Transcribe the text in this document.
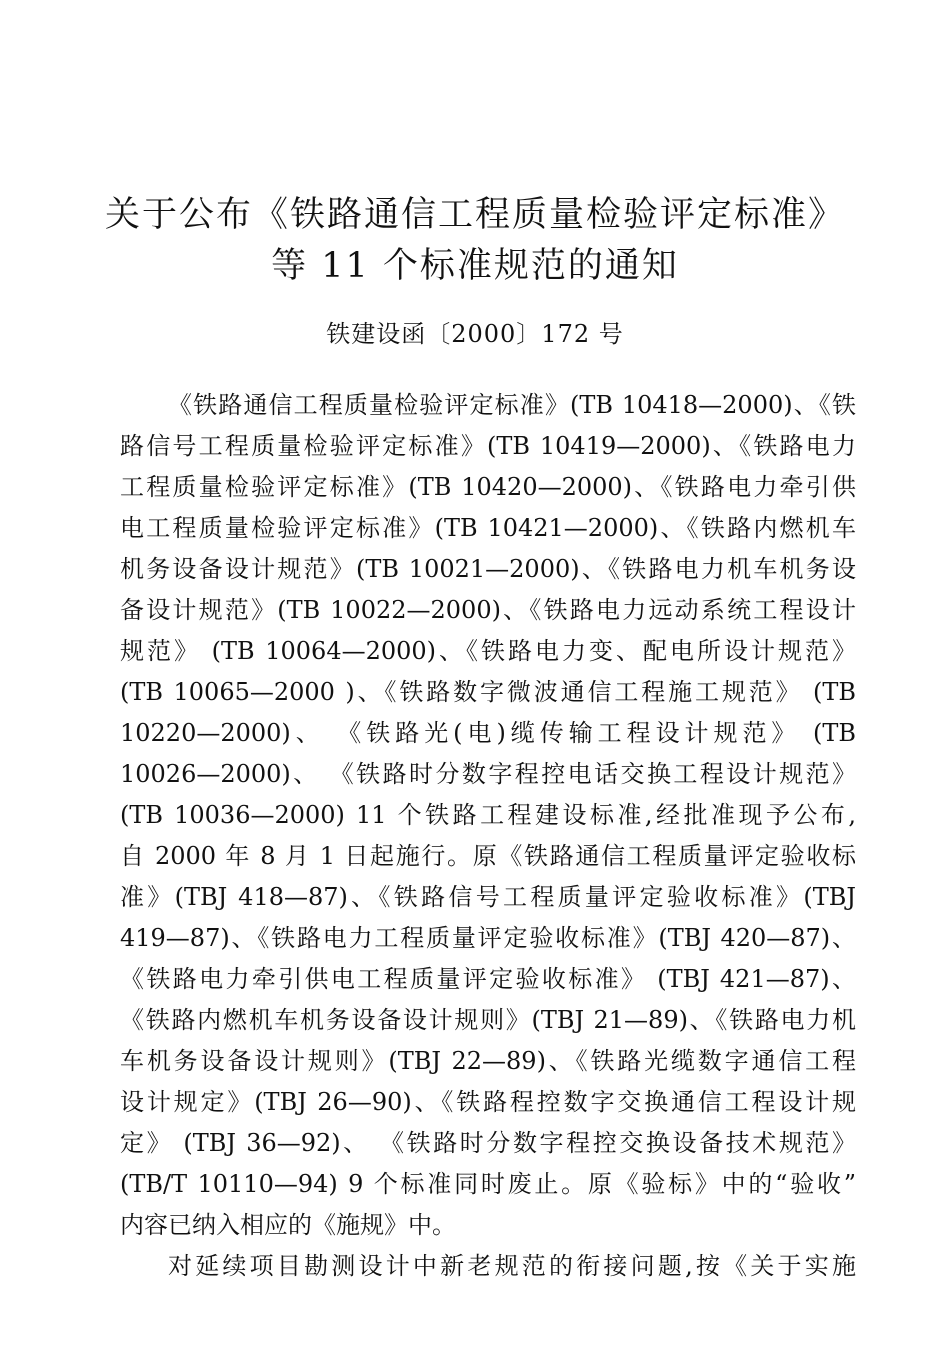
关于公布《铁路通信工程质量检验评定标准》
等 11 个标准规范的通知
铁建设函〔2000〕172 号
《铁路通信工程质量检验评定标准》(TB 10418—2000)、《铁
路信号工程质量检验评定标准》(TB 10419—2000)、《铁路电力
工程质量检验评定标准》(TB 10420—2000)、《铁路电力牵引供
电工程质量检验评定标准》(TB 10421—2000)、《铁路内燃机车
机务设备设计规范》(TB 10021—2000)、《铁路电力机车机务设
备设计规范》(TB 10022—2000)、《铁路电力远动系统工程设计
规范》 (TB 10064—2000)、《铁路电力变、配电所设计规范》
(TB 10065—2000 )、《铁路数字微波通信工程施工规范》 (TB
10220—2000)、 《铁路光(电)缆传输工程设计规范》 (TB
10026—2000)、 《铁路时分数字程控电话交换工程设计规范》
(TB 10036—2000) 11 个铁路工程建设标准,经批准现予公布,
自 2000 年 8 月 1 日起施行。原《铁路通信工程质量评定验收标
准》(TBJ 418—87)、《铁路信号工程质量评定验收标准》(TBJ
419—87)、《铁路电力工程质量评定验收标准》(TBJ 420—87)、
《铁路电力牵引供电工程质量评定验收标准》 (TBJ 421—87)、
《铁路内燃机车机务设备设计规则》(TBJ 21—89)、《铁路电力机
车机务设备设计规则》(TBJ 22—89)、《铁路光缆数字通信工程
设计规定》(TBJ 26—90)、《铁路程控数字交换通信工程设计规
定》 (TBJ 36—92)、 《铁路时分数字程控交换设备技术规范》
(TB/T 10110—94) 9 个标准同时废止。原《验标》中的“验收”
内容已纳入相应的《施规》中。
对延续项目勘测设计中新老规范的衔接问题,按《关于实施
